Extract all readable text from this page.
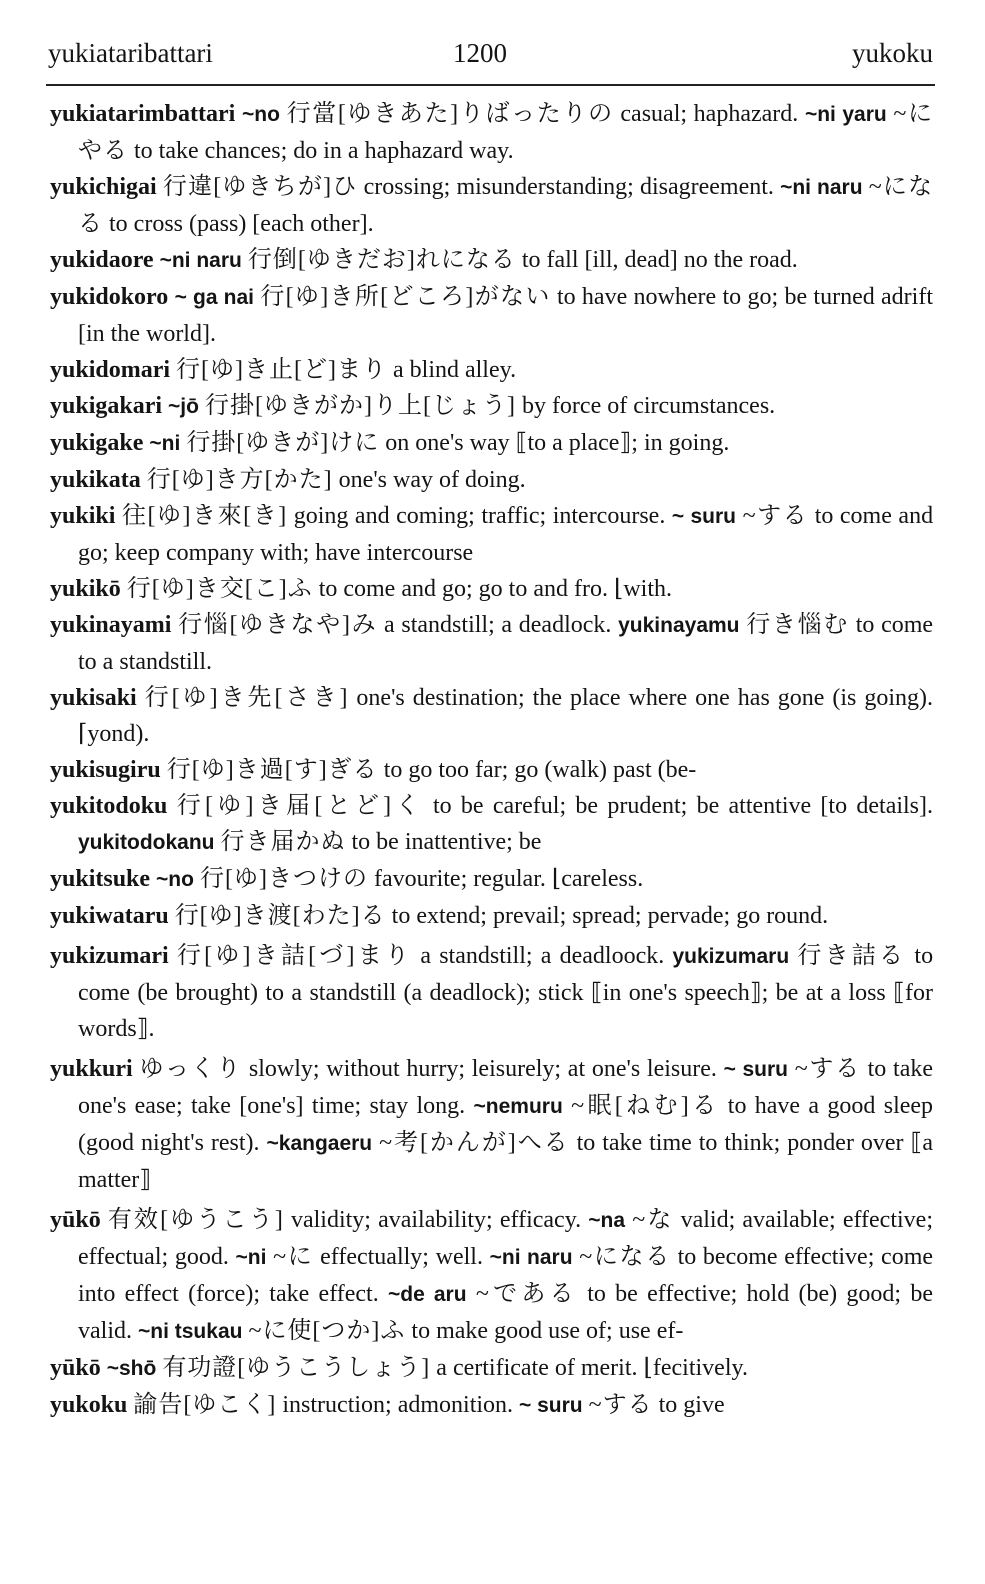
yukiataribattari	1200	yukoku
yukiatarimbattari ~no 行當[ゆきあた]りばったりの casual; haphazard. ~ni yaru ~にやる to take chances; do in a haphazard way.
yukichigai 行違[ゆきちが]ひ crossing; misunderstanding; disagreement. ~ni naru ~になる to cross (pass) [each other].
yukidaore ~ni naru 行倒[ゆきだお]れになる to fall [ill, dead] no the road.
yukidokoro ~ ga nai 行[ゆ]き所[どころ]がない to have nowhere to go; be turned adrift [in the world].
yukidomari 行[ゆ]き止[ど]まり a blind alley.
yukigakari ~jō 行掛[ゆきがか]り上[じょう] by force of circumstances.
yukigake ~ni 行掛[ゆきが]けに on one's way ⟦to a place⟧; in going.
yukikata 行[ゆ]き方[かた] one's way of doing.
yukiki 往[ゆ]き來[き] going and coming; traffic; intercourse. ~ suru ~する to come and go; keep company with; have intercourse
yukikō 行[ゆ]き交[こ]ふ to come and go; go to and fro. ⌊with.
yukinayami 行惱[ゆきなや]み a standstill; a deadlock. yukinayamu 行き惱む to come to a standstill.
yukisaki 行[ゆ]き先[さき] one's destination; the place where one has gone (is going). ⌈yond).
yukisugiru 行[ゆ]き過[す]ぎる to go too far; go (walk) past (be-
yukitodoku 行[ゆ]き届[とど]く to be careful; be prudent; be attentive [to details]. yukitodokanu 行き届かぬ to be inattentive; be
yukitsuke ~no 行[ゆ]きつけの favourite; regular. ⌊careless.
yukiwataru 行[ゆ]き渡[わた]る to extend; prevail; spread; pervade; go round.
yukizumari 行[ゆ]き詰[づ]まり a standstill; a deadloock. yukizumaru 行き詰る to come (be brought) to a standstill (a deadlock); stick ⟦in one's speech⟧; be at a loss ⟦for words⟧.
yukkuri ゆっくり slowly; without hurry; leisurely; at one's leisure. ~ suru ~する to take one's ease; take [one's] time; stay long. ~nemuru ~眠[ねむ]る to have a good sleep (good night's rest). ~kangaeru ~考[かんが]へる to take time to think; ponder over ⟦a matter⟧
yūkō 有效[ゆうこう] validity; availability; efficacy. ~na ~な valid; available; effective; effectual; good. ~ni ~に effectually; well. ~ni naru ~になる to become effective; come into effect (force); take effect. ~de aru ~である to be effective; hold (be) good; be valid. ~ni tsukau ~に使[つか]ふ to make good use of; use ef-
yūkō ~shō 有功證[ゆうこうしょう] a certificate of merit. ⌊fecitively.
yukoku 諭告[ゆこく] instruction; admonition. ~ suru ~する to give
